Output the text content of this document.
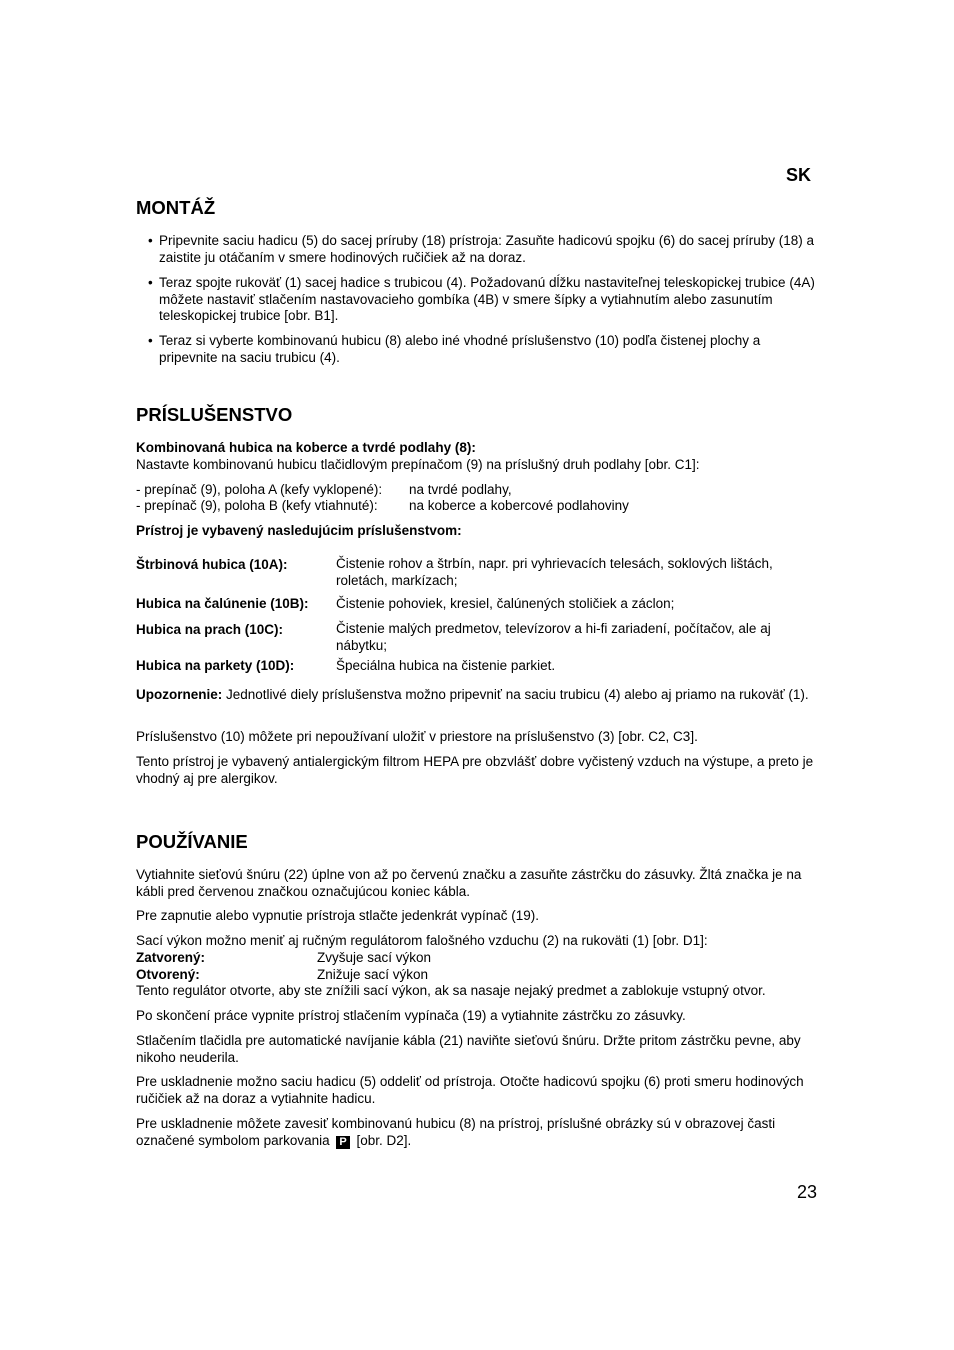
SK
MONTÁŽ
• Pripevnite saciu hadicu (5) do sacej príruby (18) prístroja: Zasuňte hadicovú spojku (6) do sacej príruby (18) a zaistite ju otáčaním v smere hodinových ručičiek až na doraz.
• Teraz spojte rukoväť (1) sacej hadice s trubicou (4). Požadovanú dĺžku nastaviteľnej teleskopickej trubice (4A) môžete nastaviť stlačením nastavovacieho gombíka (4B) v smere šípky a vytiahnutím alebo zasunutím teleskopickej trubice [obr. B1].
• Teraz si vyberte kombinovanú hubicu (8) alebo iné vhodné príslušenstvo (10) podľa čistenej plochy a pripevnite na saciu trubicu (4).
PRÍSLUŠENSTVO
Kombinovaná hubica na koberce a tvrdé podlahy (8):
Nastavte kombinovanú hubicu tlačidlovým prepínačom (9) na príslušný druh podlahy [obr. C1]:
- prepínač (9), poloha A (kefy vyklopené):	na tvrdé podlahy,
- prepínač (9), poloha B (kefy vtiahnuté):	na koberce a kobercové podlahoviny
Prístroj je vybavený nasledujúcim príslušenstvom:
Štrbinová hubica (10A):	Čistenie rohov a štrbín, napr. pri vyhrievacích telesách, soklových lištách, roletách, markízach;
Hubica na čalúnenie (10B): Čistenie pohoviek, kresiel, čalúnených stoličiek a záclon;
Hubica na prach (10C):	Čistenie malých predmetov, televízorov a hi-fi zariadení, počítačov, ale aj nábytku;
Hubica na parkety (10D):	Špeciálna hubica na čistenie parkiet.
Upozornenie: Jednotlivé diely príslušenstva možno pripevniť na saciu trubicu (4) alebo aj priamo na rukoväť (1).
Príslušenstvo (10) môžete pri nepoužívaní uložiť v priestore na príslušenstvo (3) [obr. C2, C3].
Tento prístroj je vybavený antialergickým filtrom HEPA pre obzvlášť dobre vyčistený vzduch na výstupe, a preto je vhodný aj pre alergikov.
POUŽÍVANIE
Vytiahnite sieťovú šnúru (22) úplne von až po červenú značku a zasuňte zástrčku do zásuvky. Žltá značka je na kábli pred červenou značkou označujúcou koniec kábla.
Pre zapnutie alebo vypnutie prístroja stlačte jedenkrát vypínač (19).
Sací výkon možno meniť aj ručným regulátorom falošného vzduchu (2) na rukoväti (1) [obr. D1]:
Zatvorený:	Zvyšuje sací výkon
Otvorený:	Znižuje sací výkon
Tento regulátor otvorte, aby ste znížili sací výkon, ak sa nasaje nejaký predmet a zablokuje vstupný otvor.
Po skončení práce vypnite prístroj stlačením vypínača (19) a vytiahnite zástrčku zo zásuvky.
Stlačením tlačidla pre automatické navíjanie kábla (21) naviňte sieťovú šnúru. Držte pritom zástrčku pevne, aby nikoho neuderila.
Pre uskladnenie možno saciu hadicu (5) oddeliť od prístroja. Otočte hadicovú spojku (6) proti smeru hodinových ručičiek až na doraz a vytiahnite hadicu.
Pre uskladnenie môžete zavesiť kombinovanú hubicu (8) na prístroj, príslušné obrázky sú v obrazovej časti označené symbolom parkovania P [obr. D2].
23
